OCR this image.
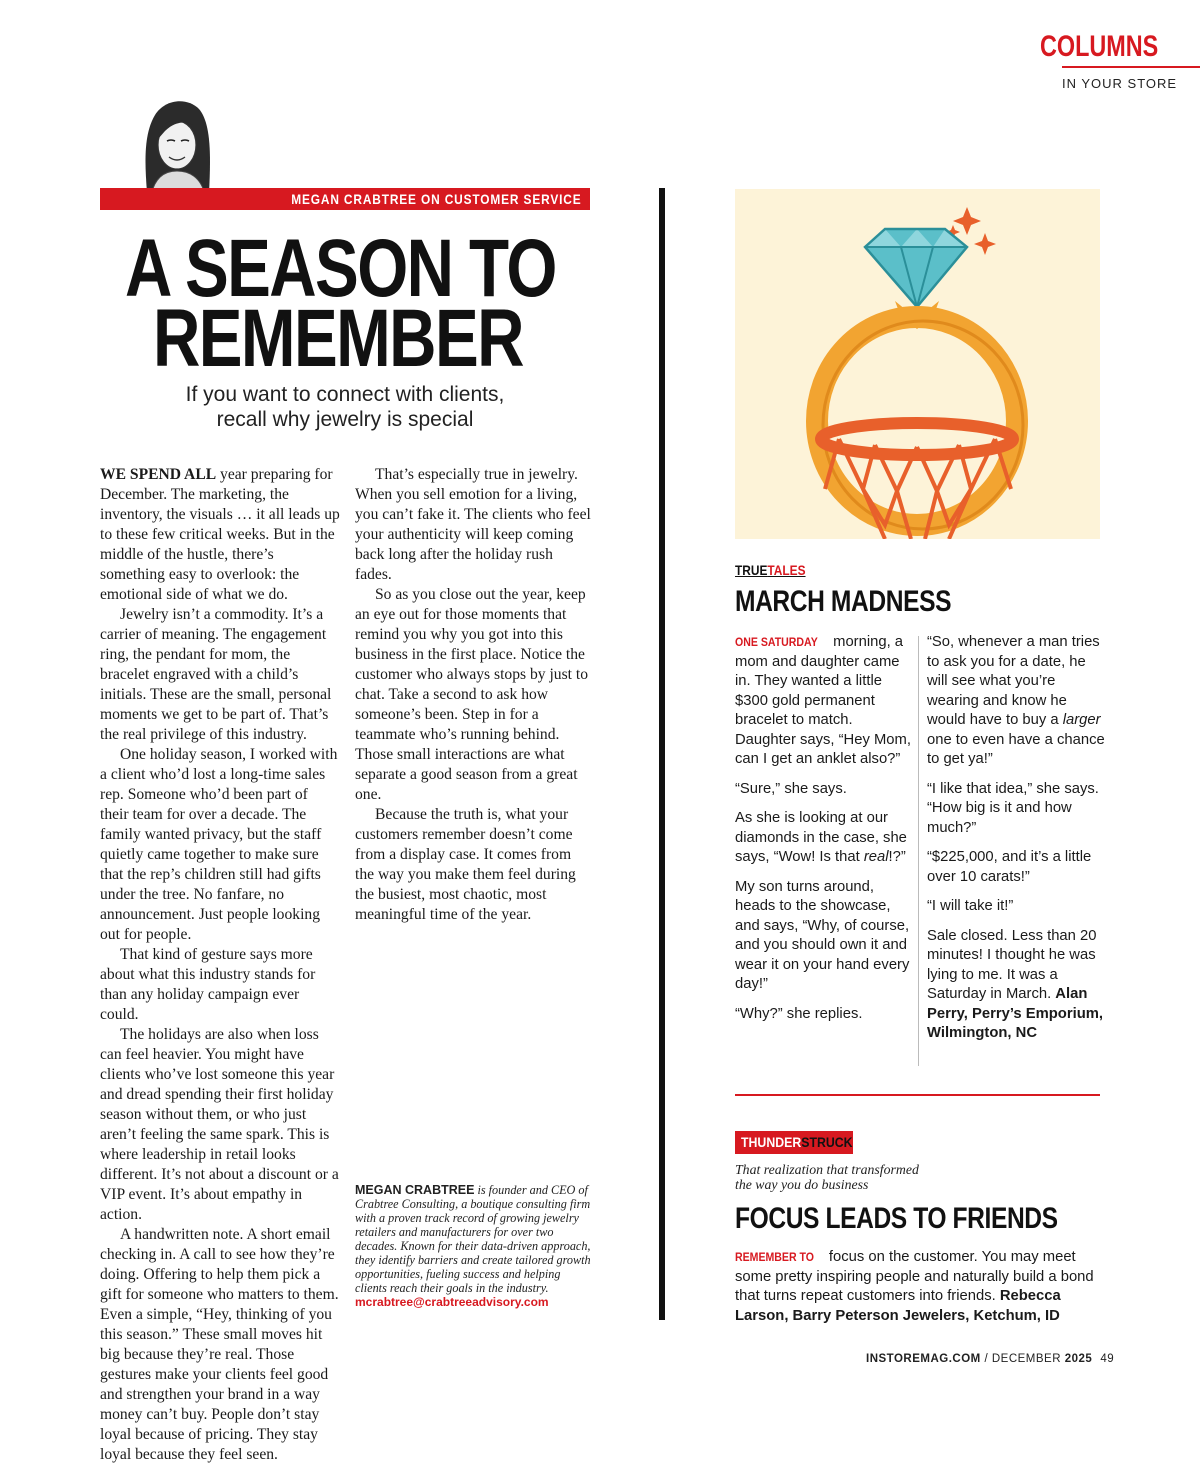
COLUMNS
IN YOUR STORE
MEGAN CRABTREE ON CUSTOMER SERVICE
A SEASON TO
REMEMBER
If you want to connect with clients,
recall why jewelry is special

WE SPEND ALL year preparing for December. The marketing, the inventory, the visuals … it all leads up to these few critical weeks. But in the middle of the hustle, there’s something easy to overlook: the emotional side of what we do.

Jewelry isn’t a commodity. It’s a carrier of meaning. The engagement ring, the pendant for mom, the bracelet engraved with a child’s initials. These are the small, personal moments we get to be part of. That’s the real privilege of this industry.

One holiday season, I worked with a client who’d lost a long-time sales rep. Someone who’d been part of their team for over a decade. The family wanted privacy, but the staff quietly came together to make sure that the rep’s children still had gifts under the tree. No fanfare, no announcement. Just people looking out for people.

That kind of gesture says more about what this industry stands for than any holiday campaign ever could.

The holidays are also when loss can feel heavier. You might have clients who’ve lost someone this year and dread spending their first holiday season without them, or who just aren’t feeling the same spark. This is where leadership in retail looks different. It’s not about a discount or a VIP event. It’s about empathy in action.

A handwritten note. A short email checking in. A call to see how they’re doing. Offering to help them pick a gift for someone who matters to them. Even a simple, “Hey, thinking of you this season.” These small moves hit big because they’re real. Those gestures make your clients feel good and strengthen your brand in a way money can’t buy. People don’t stay loyal because of pricing. They stay loyal because they feel seen.

That’s especially true in jewelry. When you sell emotion for a living, you can’t fake it. The clients who feel your authenticity will keep coming back long after the holiday rush fades.

So as you close out the year, keep an eye out for those moments that remind you why you got into this business in the first place. Notice the customer who always stops by just to chat. Take a second to ask how someone’s been. Step in for a teammate who’s running behind. Those small interactions are what separate a good season from a great one.

Because the truth is, what your customers remember doesn’t come from a display case. It comes from the way you make them feel during the busiest, most chaotic, most meaningful time of the year.

MEGAN CRABTREE is founder and CEO of Crabtree Consulting, a boutique consulting firm with a proven track record of growing jewelry retailers and manufacturers for over two decades. Known for their data-driven approach, they identify barriers and create tailored growth opportunities, fueling success and helping clients reach their goals in the industry. mcrabtree@crabtreeadvisory.com
TRUETALES
MARCH MADNESS

ONE SATURDAY morning, a mom and daughter came in. They wanted a little $300 gold permanent bracelet to match. Daughter says, “Hey Mom, can I get an anklet also?”

“Sure,” she says.

As she is looking at our diamonds in the case, she says, “Wow! Is that real!?”

My son turns around, heads to the showcase, and says, “Why, of course, and you should own it and wear it on your hand every day!”

“Why?” she replies.

“So, whenever a man tries to ask you for a date, he will see what you’re wearing and know he would have to buy a larger one to even have a chance to get ya!”

“I like that idea,” she says. “How big is it and how much?”

“$225,000, and it’s a little over 10 carats!”

“I will take it!”

Sale closed. Less than 20 minutes! I thought he was lying to me. It was a Saturday in March. Alan Perry, Perry’s Emporium, Wilmington, NC

THUNDERSTRUCK
That realization that transformed
the way you do business
FOCUS LEADS TO FRIENDS
REMEMBER TO focus on the customer. You may meet some pretty inspiring people and naturally build a bond that turns repeat customers into friends. Rebecca Larson, Barry Peterson Jewelers, Ketchum, ID
INSTOREMAG.COM / DECEMBER 2025 49
